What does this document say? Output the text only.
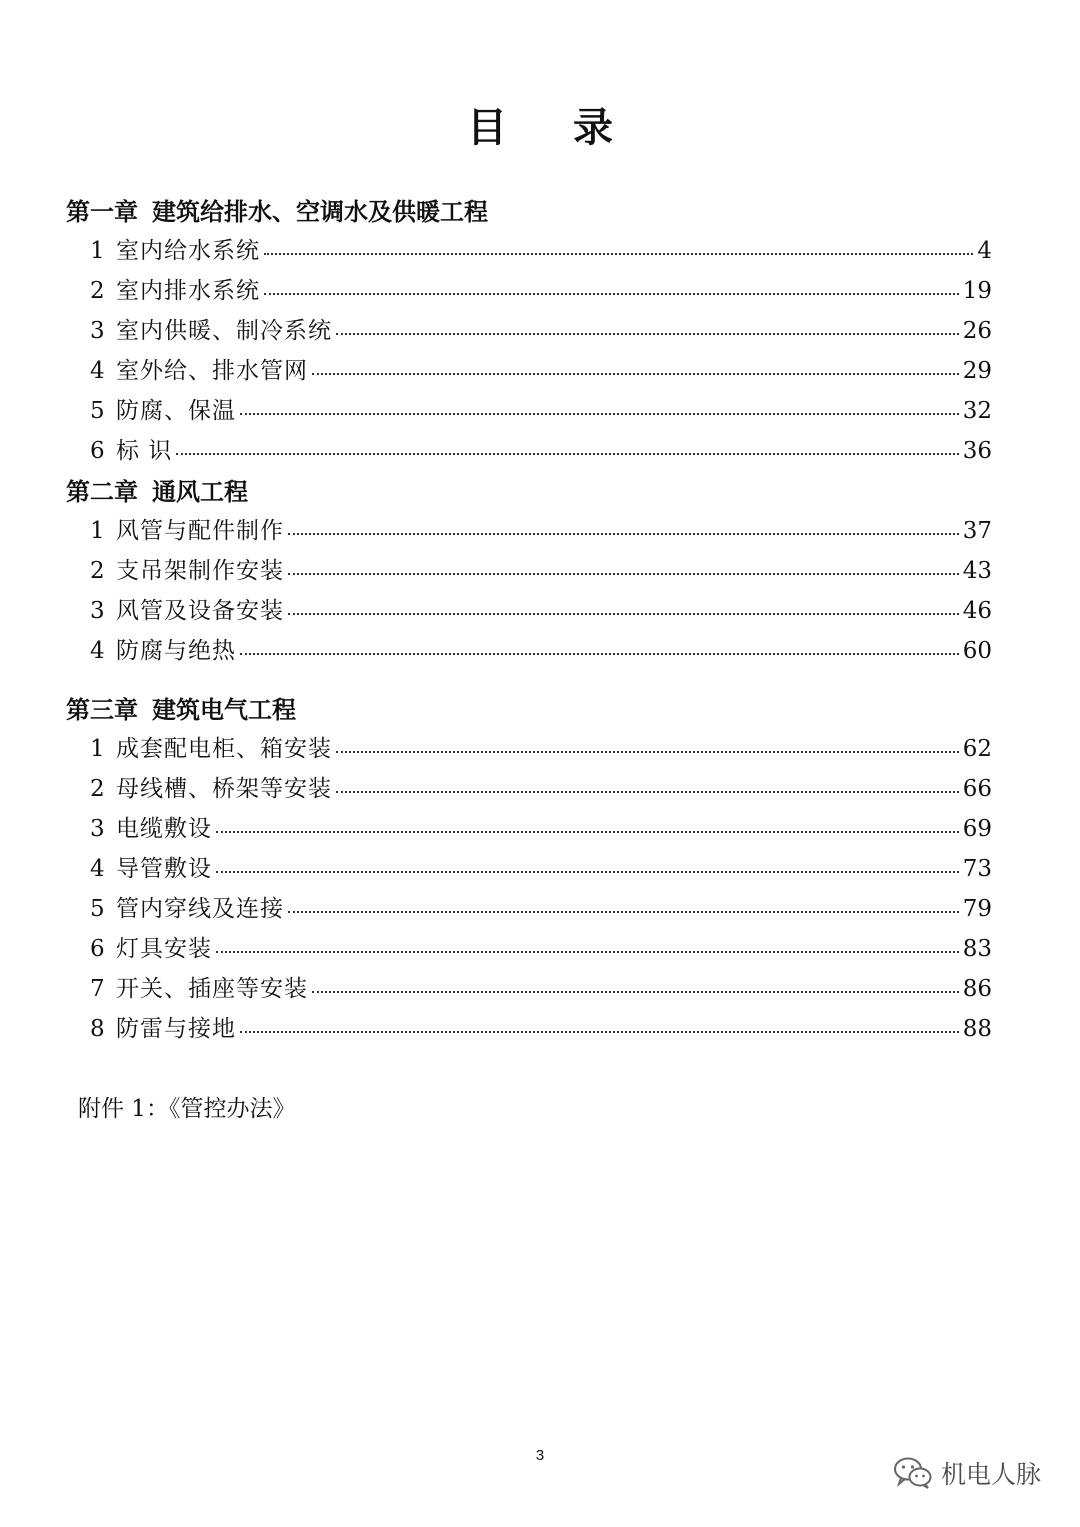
目 录
第一章 建筑给排水、空调水及供暖工程
1 室内给水系统	4
2 室内排水系统	19
3 室内供暖、制冷系统	26
4 室外给、排水管网	29
5 防腐、保温	32
6 标 识	36
第二章 通风工程
1 风管与配件制作	37
2 支吊架制作安装	43
3 风管及设备安装	46
4 防腐与绝热	60
第三章 建筑电气工程
1 成套配电柜、箱安装	62
2 母线槽、桥架等安装	66
3 电缆敷设	69
4 导管敷设	73
5 管内穿线及连接	79
6 灯具安装	83
7 开关、插座等安装	86
8 防雷与接地	88
附件 1：《管控办法》
3
机电人脉
